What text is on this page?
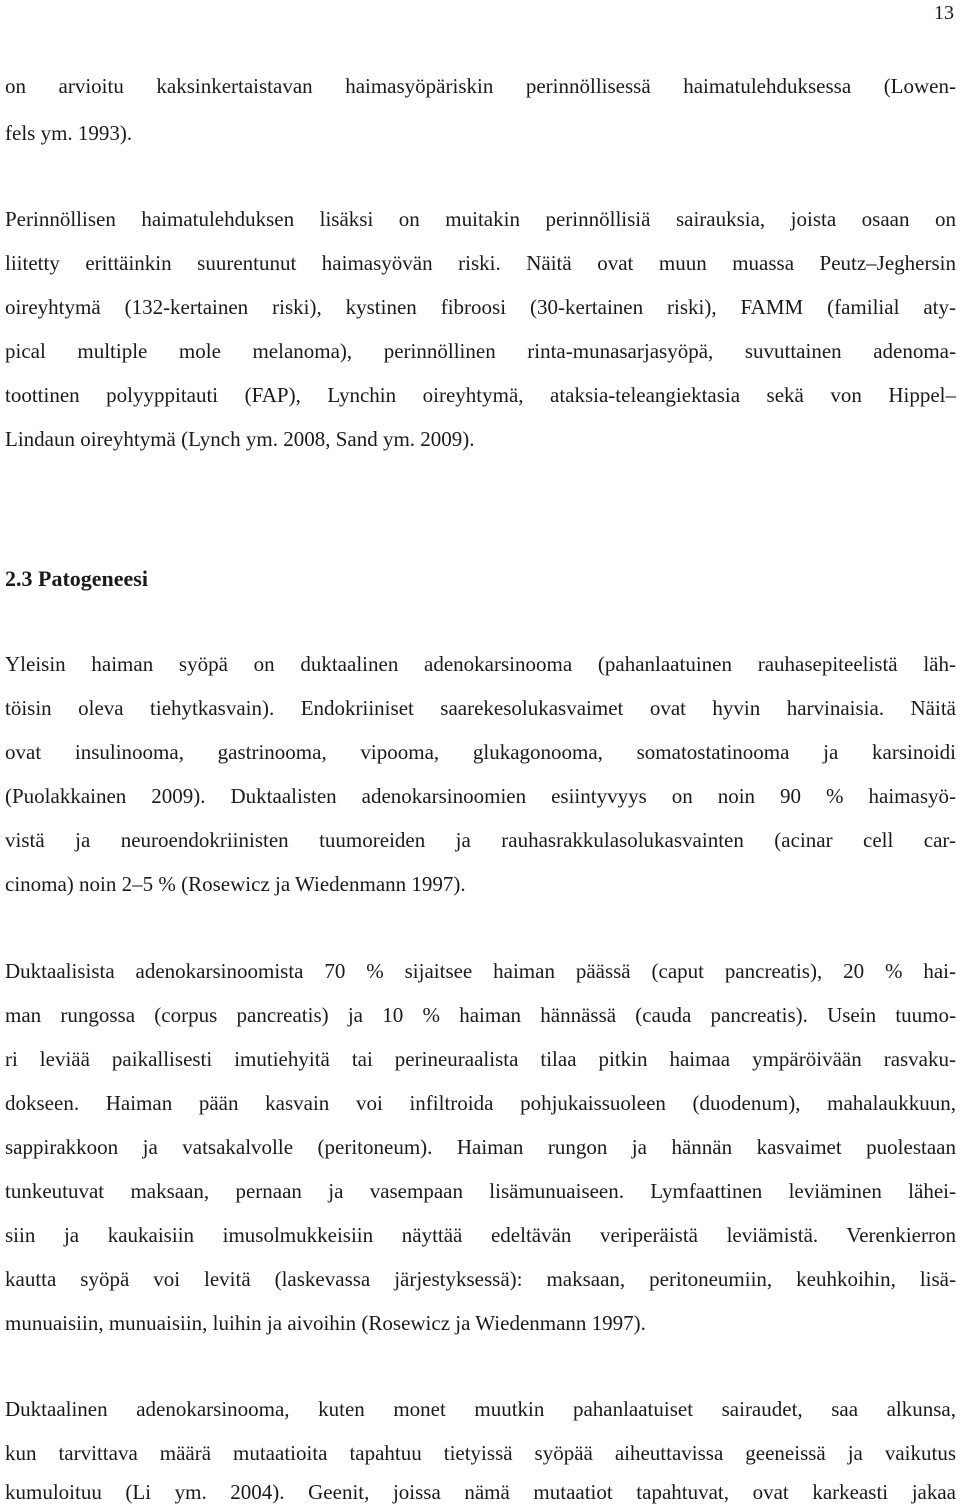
13
on arvioitu kaksinkertaistavan haimasyöpäriskin perinnöllisessä haimatulehduksessa (Lowen-
fels ym. 1993).
Perinnöllisen haimatulehduksen lisäksi on muitakin perinnöllisiä sairauksia, joista osaan on
liitetty erittäinkin suurentunut haimasyövän riski. Näitä ovat muun muassa Peutz–Jeghersin
oireyhtymä (132-kertainen riski), kystinen fibroosi (30-kertainen riski), FAMM (familial aty-
pical multiple mole melanoma), perinnöllinen rinta-munasarjasyöpä, suvuttainen adenoma-
toottinen polyyppitauti (FAP), Lynchin oireyhtymä, ataksia-teleangiektasia sekä von Hippel–
Lindaun oireyhtymä (Lynch ym. 2008, Sand ym. 2009).
2.3 Patogeneesi
Yleisin haiman syöpä on duktaalinen adenokarsinooma (pahanlaatuinen rauhasepiteelistä läh-
töisin oleva tiehytkasvain). Endokriiniset saarekesolukasvaimet ovat hyvin harvinaisia. Näitä
ovat insulinooma, gastrinooma, vipooma, glukagonooma, somatostatinooma ja karsinoidi
(Puolakkainen 2009). Duktaalisten adenokarsinoomien esiintyvyys on noin 90 % haimasyö-
vistä ja neuroendokriinisten tuumoreiden ja rauhasrakkulasolukasvainten (acinar cell car-
cinoma) noin 2–5 % (Rosewicz ja Wiedenmann 1997).
Duktaalisista adenokarsinoomista 70 % sijaitsee haiman päässä (caput pancreatis), 20 % hai-
man rungossa (corpus pancreatis) ja 10 % haiman hännässä (cauda pancreatis). Usein tuumo-
ri leviää paikallisesti imutiehyitä tai perineuraalista tilaa pitkin haimaa ympäröivään rasvaku-
dokseen. Haiman pään kasvain voi infiltroida pohjukaissuoleen (duodenum), mahalaukkuun,
sappirakkoon ja vatsakalvolle (peritoneum). Haiman rungon ja hännän kasvaimet puolestaan
tunkeutuvat maksaan, pernaan ja vasempaan lisämunuaiseen. Lymfaattinen leviäminen lähei-
siin ja kaukaisiin imusolmukkeisiin näyttää edeltävän veriperäistä leviämistä. Verenkierron
kautta syöpä voi levitä (laskevassa järjestyksessä): maksaan, peritoneumiin, keuhkoihin, lisä-
munuaisiin, munuaisiin, luihin ja aivoihin (Rosewicz ja Wiedenmann 1997).
Duktaalinen adenokarsinooma, kuten monet muutkin pahanlaatuiset sairaudet, saa alkunsa,
kun tarvittava määrä mutaatioita tapahtuu tietyissä syöpää aiheuttavissa geeneissä ja vaikutus
kumuloituu (Li ym. 2004). Geenit, joissa nämä mutaatiot tapahtuvat, ovat karkeasti jakaa
